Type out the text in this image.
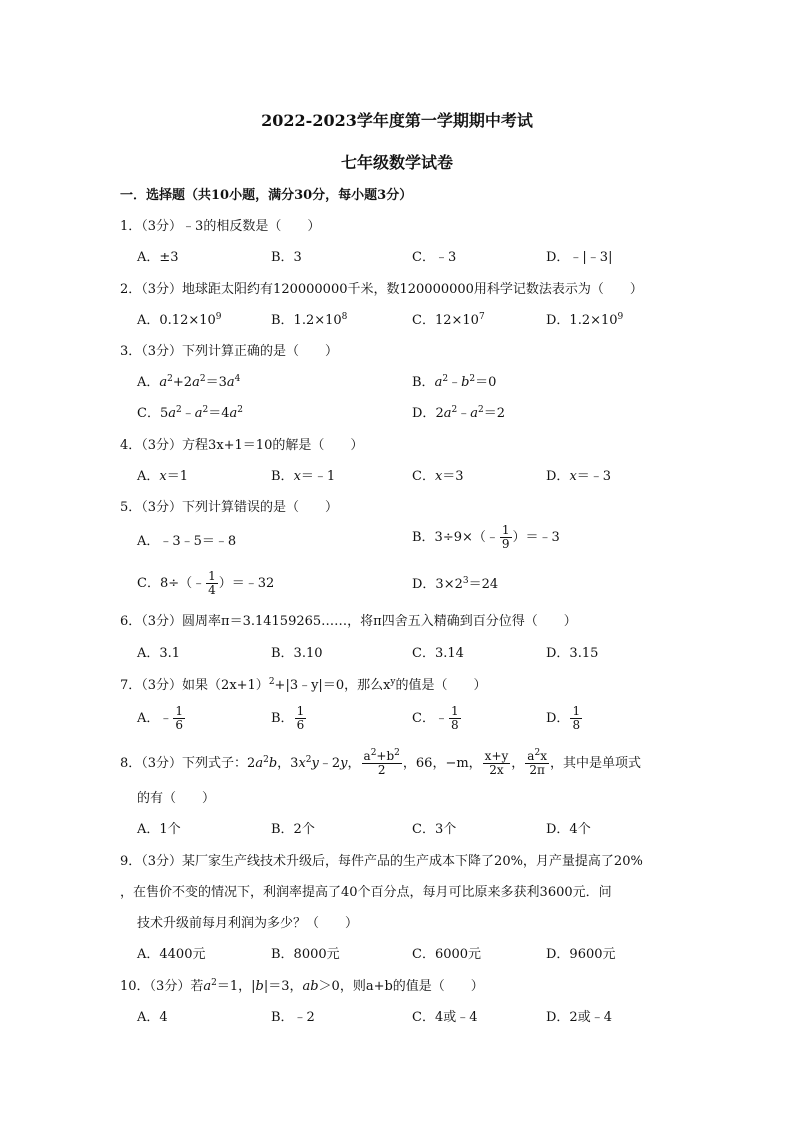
2022-2023学年度第一学期期中考试
七年级数学试卷
一．选择题（共10小题，满分30分，每小题3分）
1．（3分）﹣3的相反数是（　　）
A．±3	B．3	C．﹣3	D．﹣|﹣3|
2．（3分）地球距太阳约有120000000千米，数120000000用科学记数法表示为（　　）
A．$0.12\times 10^9$	B．$1.2\times 10^8$	C．$12\times 10^7$	D．$1.2\times 10^9$
3．（3分）下列计算正确的是（　　）
A．$a^2+2a^2=3a^4$	B．$a^2﹣b^2=0$
C．$5a^2﹣a^2=4a^2$	D．$2a^2﹣a^2=2$
4．（3分）方程3x+1＝10的解是（　　）
A．x＝1	B．x＝﹣1	C．x＝3	D．x＝﹣3
5．（3分）下列计算错误的是（　　）
A．﹣3﹣5＝﹣8	B．3÷9×（﹣ $\frac{1}{9}$ ）＝﹣3
C．8÷（﹣ $\frac{1}{4}$ ）＝﹣32	D．$3\times 2^3=24$
6．（3分）圆周率π＝3.14159265……，将π四舍五入精确到百分位得（　　）
A．3.1	B．3.10	C．3.14	D．3.15
7．（3分）如果$(2x+1)^2+|3﹣y|=0$，那么$x^y$的值是（　　）
A．﹣ $\frac{1}{6}$	B． $\frac{1}{6}$	C．﹣ $\frac{1}{8}$	D． $\frac{1}{8}$
8．（3分）下列式子：$2a^2b$，$3x^2y﹣2y$， $\frac{a^2+b^2}{2}$ ，66，−m， $\frac{x+y}{2x}$ ， $\frac{a^2x}{2\pi}$ ，其中是单项式
的有（　　）
A．1个	B．2个	C．3个	D．4个
9．（3分）某厂家生产线技术升级后，每件产品的生产成本下降了20%，月产量提高了20%
，在售价不变的情况下，利润率提高了40个百分点，每月可比原来多获利3600元．问
技术升级前每月利润为多少？（　　）
A．4400元	B．8000元	C．6000元	D．9600元
10．（3分）若$a^2=1$，|b|＝3，ab＞0，则a+b的值是（　　）
A．4	B．﹣2	C．4或﹣4	D．2或﹣4
